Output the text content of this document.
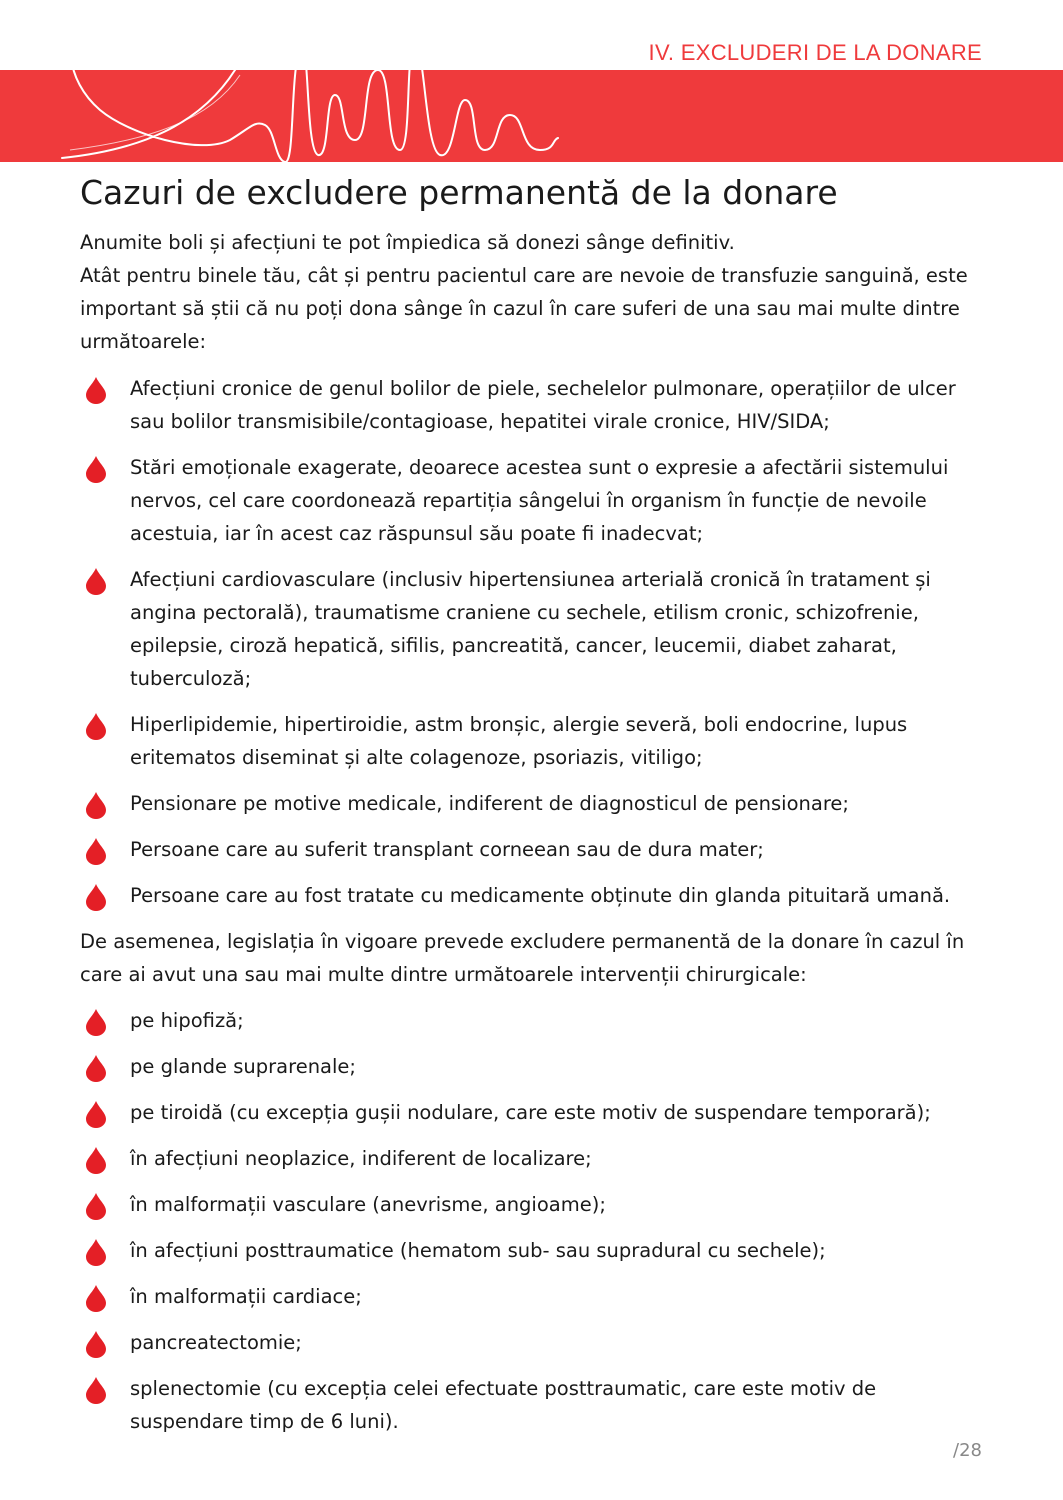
IV. EXCLUDERI DE LA DONARE
Cazuri de excludere permanentă de la donare

Anumite boli și afecțiuni te pot împiedica să donezi sânge definitiv.

Atât pentru binele tău, cât și pentru pacientul care are nevoie de transfuzie sanguină, este important să știi că nu poți dona sânge în cazul în care suferi de una sau mai multe dintre următoarele:

Afecțiuni cronice de genul bolilor de piele, sechelelor pulmonare, operațiilor de ulcer sau bolilor transmisibile/contagioase, hepatitei virale cronice, HIV/SIDA;
Stări emoționale exagerate, deoarece acestea sunt o expresie a afectării sistemului nervos, cel care coordonează repartiția sângelui în organism în funcție de nevoile acestuia, iar în acest caz răspunsul său poate fi inadecvat;
Afecțiuni cardiovasculare (inclusiv hipertensiunea arterială cronică în tratament și angina pectorală), traumatisme craniene cu sechele, etilism cronic, schizofrenie, epilepsie, ciroză hepatică, sifilis, pancreatită, cancer, leucemii, diabet zaharat, tuberculoză;
Hiperlipidemie, hipertiroidie, astm bronșic, alergie severă, boli endocrine, lupus eritematos diseminat și alte colagenoze, psoriazis, vitiligo;
Pensionare pe motive medicale, indiferent de diagnosticul de pensionare;
Persoane care au suferit transplant corneean sau de dura mater;
Persoane care au fost tratate cu medicamente obținute din glanda pituitară umană.

De asemenea, legislația în vigoare prevede excludere permanentă de la donare în cazul în care ai avut una sau mai multe dintre următoarele intervenții chirurgicale:

pe hipofiză;
pe glande suprarenale;
pe tiroidă (cu excepția gușii nodulare, care este motiv de suspendare temporară);
în afecțiuni neoplazice, indiferent de localizare;
în malformații vasculare (anevrisme, angioame);
în afecțiuni posttraumatice (hematom sub- sau supradural cu sechele);
în malformații cardiace;
pancreatectomie;
splenectomie (cu excepția celei efectuate posttraumatic, care este motiv de suspendare timp de 6 luni).
/28
